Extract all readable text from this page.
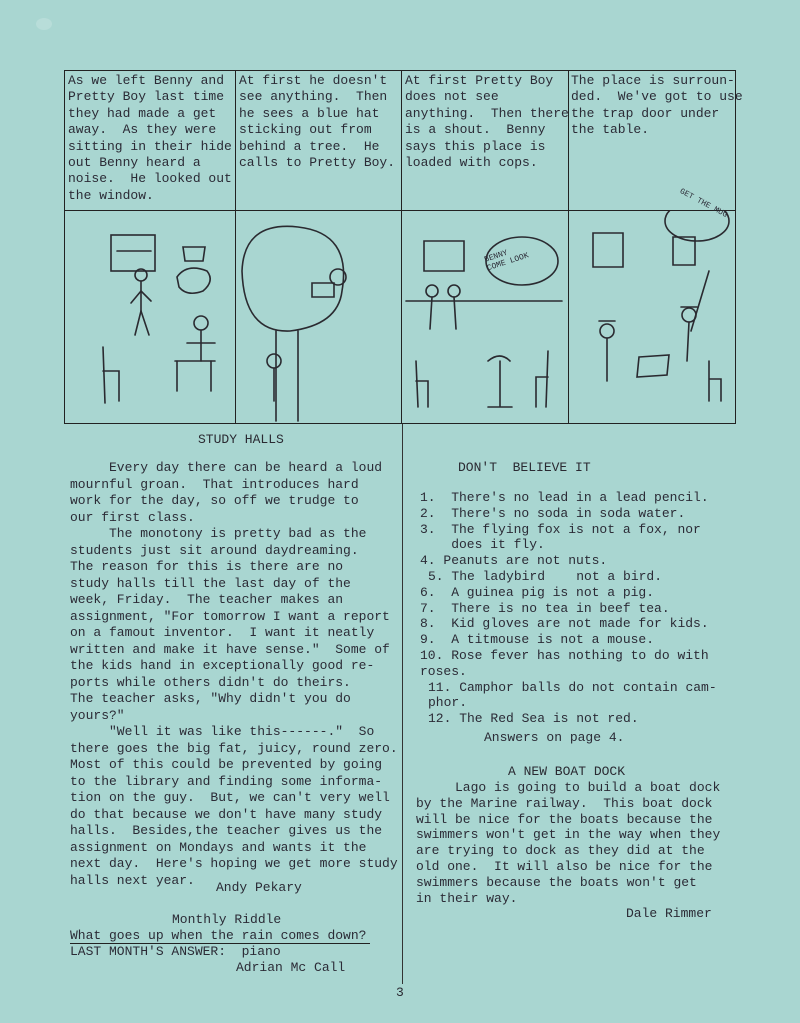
As we left Benny and
Pretty Boy last time
they had made a get
away.  As they were
sitting in their hide
out Benny heard a
noise.  He looked out
the window.
At first he doesn't
see anything.  Then
he sees a blue hat
sticking out from
behind a tree.  He
calls to Pretty Boy.
At first Pretty Boy
does not see
anything.  Then there
is a shout.  Benny
says this place is
loaded with cops.
The place is surroun-
ded.  We've got to use
the trap door under
the table.
BENNY
COME LOOK
GET THE MUG
STUDY HALLS
Every day there can be heard a loud
mournful groan.  That introduces hard
work for the day, so off we trudge to
our first class.
The monotony is pretty bad as the
students just sit around daydreaming.
The reason for this is there are no
study halls till the last day of the
week, Friday.  The teacher makes an
assignment, "For tomorrow I want a report
on a famout inventor.  I want it neatly
written and make it have sense."  Some of
the kids hand in exceptionally good re-
ports while others didn't do theirs.
The teacher asks, "Why didn't you do
yours?"
"Well it was like this------."  So
there goes the big fat, juicy, round zero.
Most of this could be prevented by going
to the library and finding some informa-
tion on the guy.  But, we can't very well
do that because we don't have many study
halls.  Besides,the teacher gives us the
assignment on Mondays and wants it the
next day.  Here's hoping we get more study
halls next year.	Andy Pekary
Monthly Riddle
What goes up when the rain comes down?
LAST MONTH'S ANSWER:  piano
Adrian Mc Call
DON'T  BELIEVE IT
1.  There's no lead in a lead pencil.
2.  There's no soda in soda water.
3.  The flying fox is not a fox, nor
does it fly.
4. Peanuts are not nuts.
5. The ladybird    not a bird.
6.  A guinea pig is not a pig.
7.  There is no tea in beef tea.
8.  Kid gloves are not made for kids.
9.  A titmouse is not a mouse.
10. Rose fever has nothing to do with
roses.
11. Camphor balls do not contain cam-
phor.
12. The Red Sea is not red.
Answers on page 4.
A NEW BOAT DOCK
Lago is going to build a boat dock
by the Marine railway.  This boat dock
will be nice for the boats because the
swimmers won't get in the way when they
are trying to dock as they did at the
old one.  It will also be nice for the
swimmers because the boats won't get
in their way.
Dale Rimmer
3
